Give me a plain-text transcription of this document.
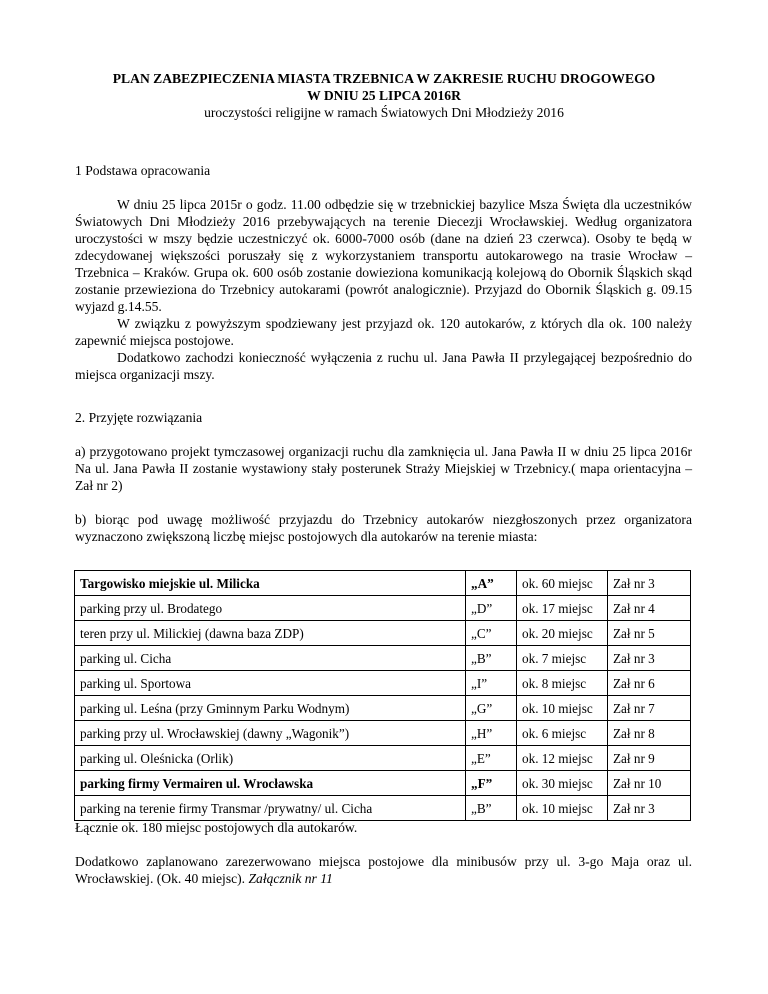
PLAN ZABEZPIECZENIA MIASTA TRZEBNICA W ZAKRESIE RUCHU DROGOWEGO
W DNIU 25 LIPCA 2016R
uroczystości religijne w ramach Światowych Dni Młodzieży 2016

1 Podstawa opracowania

W dniu 25 lipca 2015r o godz. 11.00 odbędzie się w trzebnickiej bazylice Msza Święta dla uczestników Światowych Dni Młodzieży 2016 przebywających na terenie Diecezji Wrocławskiej. Według organizatora uroczystości w mszy będzie uczestniczyć ok. 6000-7000 osób (dane na dzień 23 czerwca). Osoby te będą w zdecydowanej większości poruszały się z wykorzystaniem transportu autokarowego na trasie Wrocław – Trzebnica – Kraków. Grupa ok. 600 osób zostanie dowieziona komunikacją kolejową do Obornik Śląskich skąd zostanie przewieziona do Trzebnicy autokarami (powrót analogicznie). Przyjazd do Obornik Śląskich g. 09.15 wyjazd g.14.55.

W związku z powyższym spodziewany jest przyjazd ok. 120 autokarów, z których dla ok. 100 należy zapewnić miejsca postojowe.

Dodatkowo zachodzi konieczność wyłączenia z ruchu ul. Jana Pawła II przylegającej bezpośrednio do miejsca organizacji mszy.

2. Przyjęte rozwiązania

a) przygotowano projekt tymczasowej organizacji ruchu dla zamknięcia ul. Jana Pawła II w dniu 25 lipca 2016r Na ul. Jana Pawła II zostanie wystawiony stały posterunek Straży Miejskiej w Trzebnicy.( mapa orientacyjna – Zał nr 2)

b) biorąc pod uwagę możliwość przyjazdu do Trzebnicy autokarów niezgłoszonych przez organizatora wyznaczono zwiększoną liczbę miejsc postojowych dla autokarów na terenie miasta:

Targowisko miejskie ul. Milicka	„A”	ok. 60 miejsc	Zał nr 3
parking przy ul. Brodatego	„D”	ok. 17 miejsc	Zał nr 4
teren przy ul. Milickiej (dawna baza ZDP)	„C”	ok. 20 miejsc	Zał nr 5
parking ul. Cicha	„B”	ok. 7 miejsc	Zał nr 3
parking ul. Sportowa	„I”	ok. 8 miejsc	Zał nr 6
parking ul. Leśna (przy Gminnym Parku Wodnym)	„G”	ok. 10 miejsc	Zał nr 7
parking przy ul. Wrocławskiej (dawny „Wagonik”)	„H”	ok. 6 miejsc	Zał nr 8
parking ul. Oleśnicka (Orlik)	„E”	ok. 12 miejsc	Zał nr 9
parking firmy Vermairen ul. Wrocławska	„F”	ok. 30 miejsc	Zał nr 10
parking na terenie firmy Transmar /prywatny/ ul. Cicha	„B”	ok. 10 miejsc	Zał nr 3

Łącznie ok. 180 miejsc postojowych dla autokarów.

Dodatkowo zaplanowano zarezerwowano miejsca postojowe dla minibusów przy ul. 3-go Maja oraz ul. Wrocławskiej. (Ok. 40 miejsc). Załącznik nr 11
